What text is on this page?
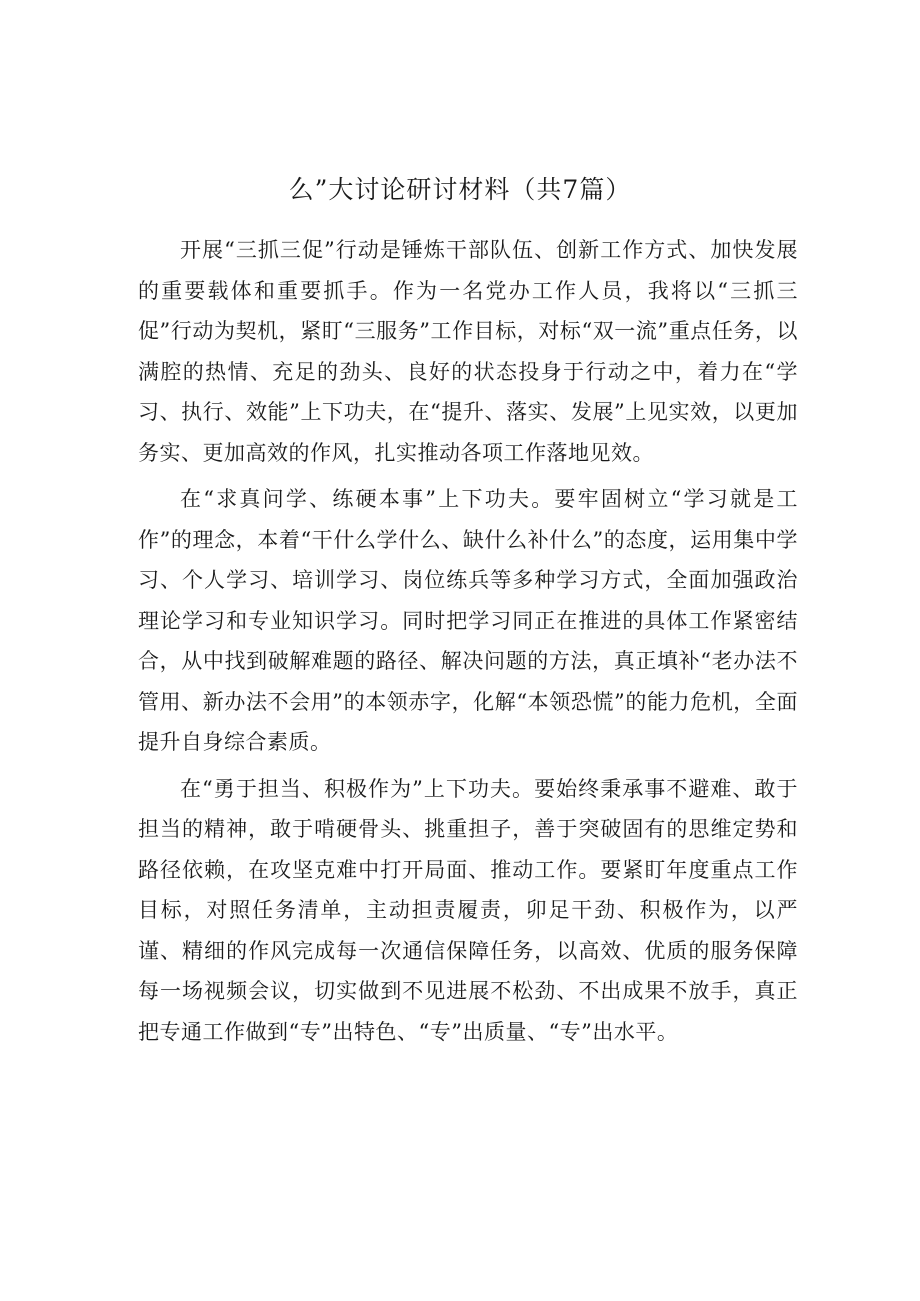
么”大讨论研讨材料（共7篇）

开展“三抓三促”行动是锤炼干部队伍、创新工作方式、加快发展的重要载体和重要抓手。作为一名党办工作人员，我将以“三抓三促”行动为契机，紧盯“三服务”工作目标，对标“双一流”重点任务，以满腔的热情、充足的劲头、良好的状态投身于行动之中，着力在“学习、执行、效能”上下功夫，在“提升、落实、发展”上见实效，以更加务实、更加高效的作风，扎实推动各项工作落地见效。

在“求真问学、练硬本事”上下功夫。要牢固树立“学习就是工作”的理念，本着“干什么学什么、缺什么补什么”的态度，运用集中学习、个人学习、培训学习、岗位练兵等多种学习方式，全面加强政治理论学习和专业知识学习。同时把学习同正在推进的具体工作紧密结合，从中找到破解难题的路径、解决问题的方法，真正填补“老办法不管用、新办法不会用”的本领赤字，化解“本领恐慌”的能力危机，全面提升自身综合素质。

在“勇于担当、积极作为”上下功夫。要始终秉承事不避难、敢于担当的精神，敢于啃硬骨头、挑重担子，善于突破固有的思维定势和路径依赖，在攻坚克难中打开局面、推动工作。要紧盯年度重点工作目标，对照任务清单，主动担责履责，卯足干劲、积极作为，以严谨、精细的作风完成每一次通信保障任务，以高效、优质的服务保障每一场视频会议，切实做到不见进展不松劲、不出成果不放手，真正把专通工作做到“专”出特色、“专”出质量、“专”出水平。
